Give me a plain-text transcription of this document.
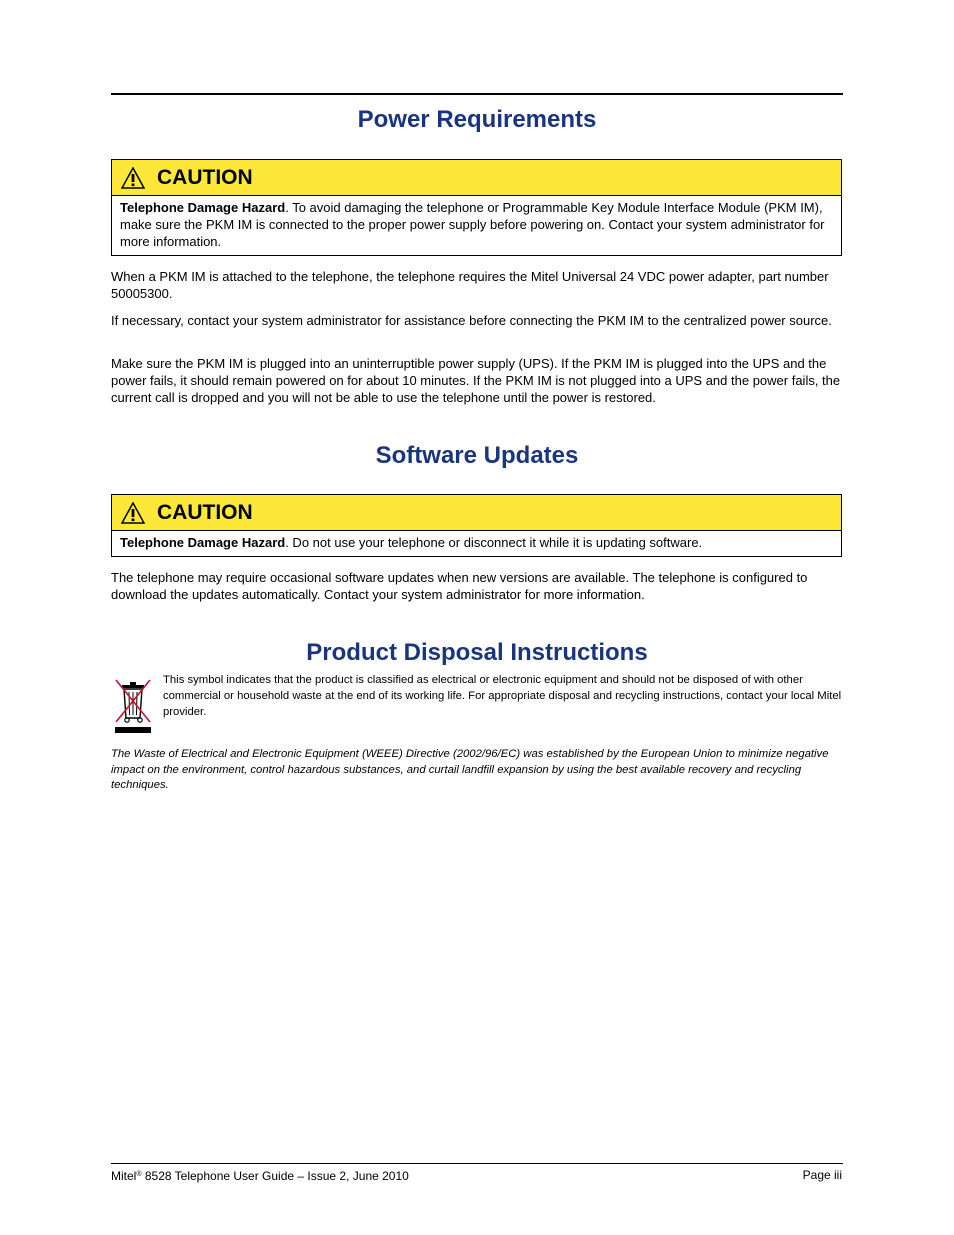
Power Requirements
CAUTION
Telephone Damage Hazard. To avoid damaging the telephone or Programmable Key Module Interface Module (PKM IM), make sure the PKM IM is connected to the proper power supply before powering on. Contact your system administrator for more information.

When a PKM IM is attached to the telephone, the telephone requires the Mitel Universal 24 VDC power adapter, part number 50005300.

If necessary, contact your system administrator for assistance before connecting the PKM IM to the centralized power source.

Make sure the PKM IM is plugged into an uninterruptible power supply (UPS). If the PKM IM is plugged into the UPS and the power fails, it should remain powered on for about 10 minutes. If the PKM IM is not plugged into a UPS and the power fails, the current call is dropped and you will not be able to use the telephone until the power is restored.

Software Updates
CAUTION
Telephone Damage Hazard. Do not use your telephone or disconnect it while it is updating software.

The telephone may require occasional software updates when new versions are available. The telephone is configured to download the updates automatically. Contact your system administrator for more information.

Product Disposal Instructions

This symbol indicates that the product is classified as electrical or electronic equipment and should not be disposed of with other commercial or household waste at the end of its working life. For appropriate disposal and recycling instructions, contact your local Mitel provider.

The Waste of Electrical and Electronic Equipment (WEEE) Directive (2002/96/EC) was established by the European Union to minimize negative impact on the environment, control hazardous substances, and curtail landfill expansion by using the best available recovery and recycling techniques.

Mitel® 8528 Telephone User Guide – Issue 2, June 2010	Page iii
